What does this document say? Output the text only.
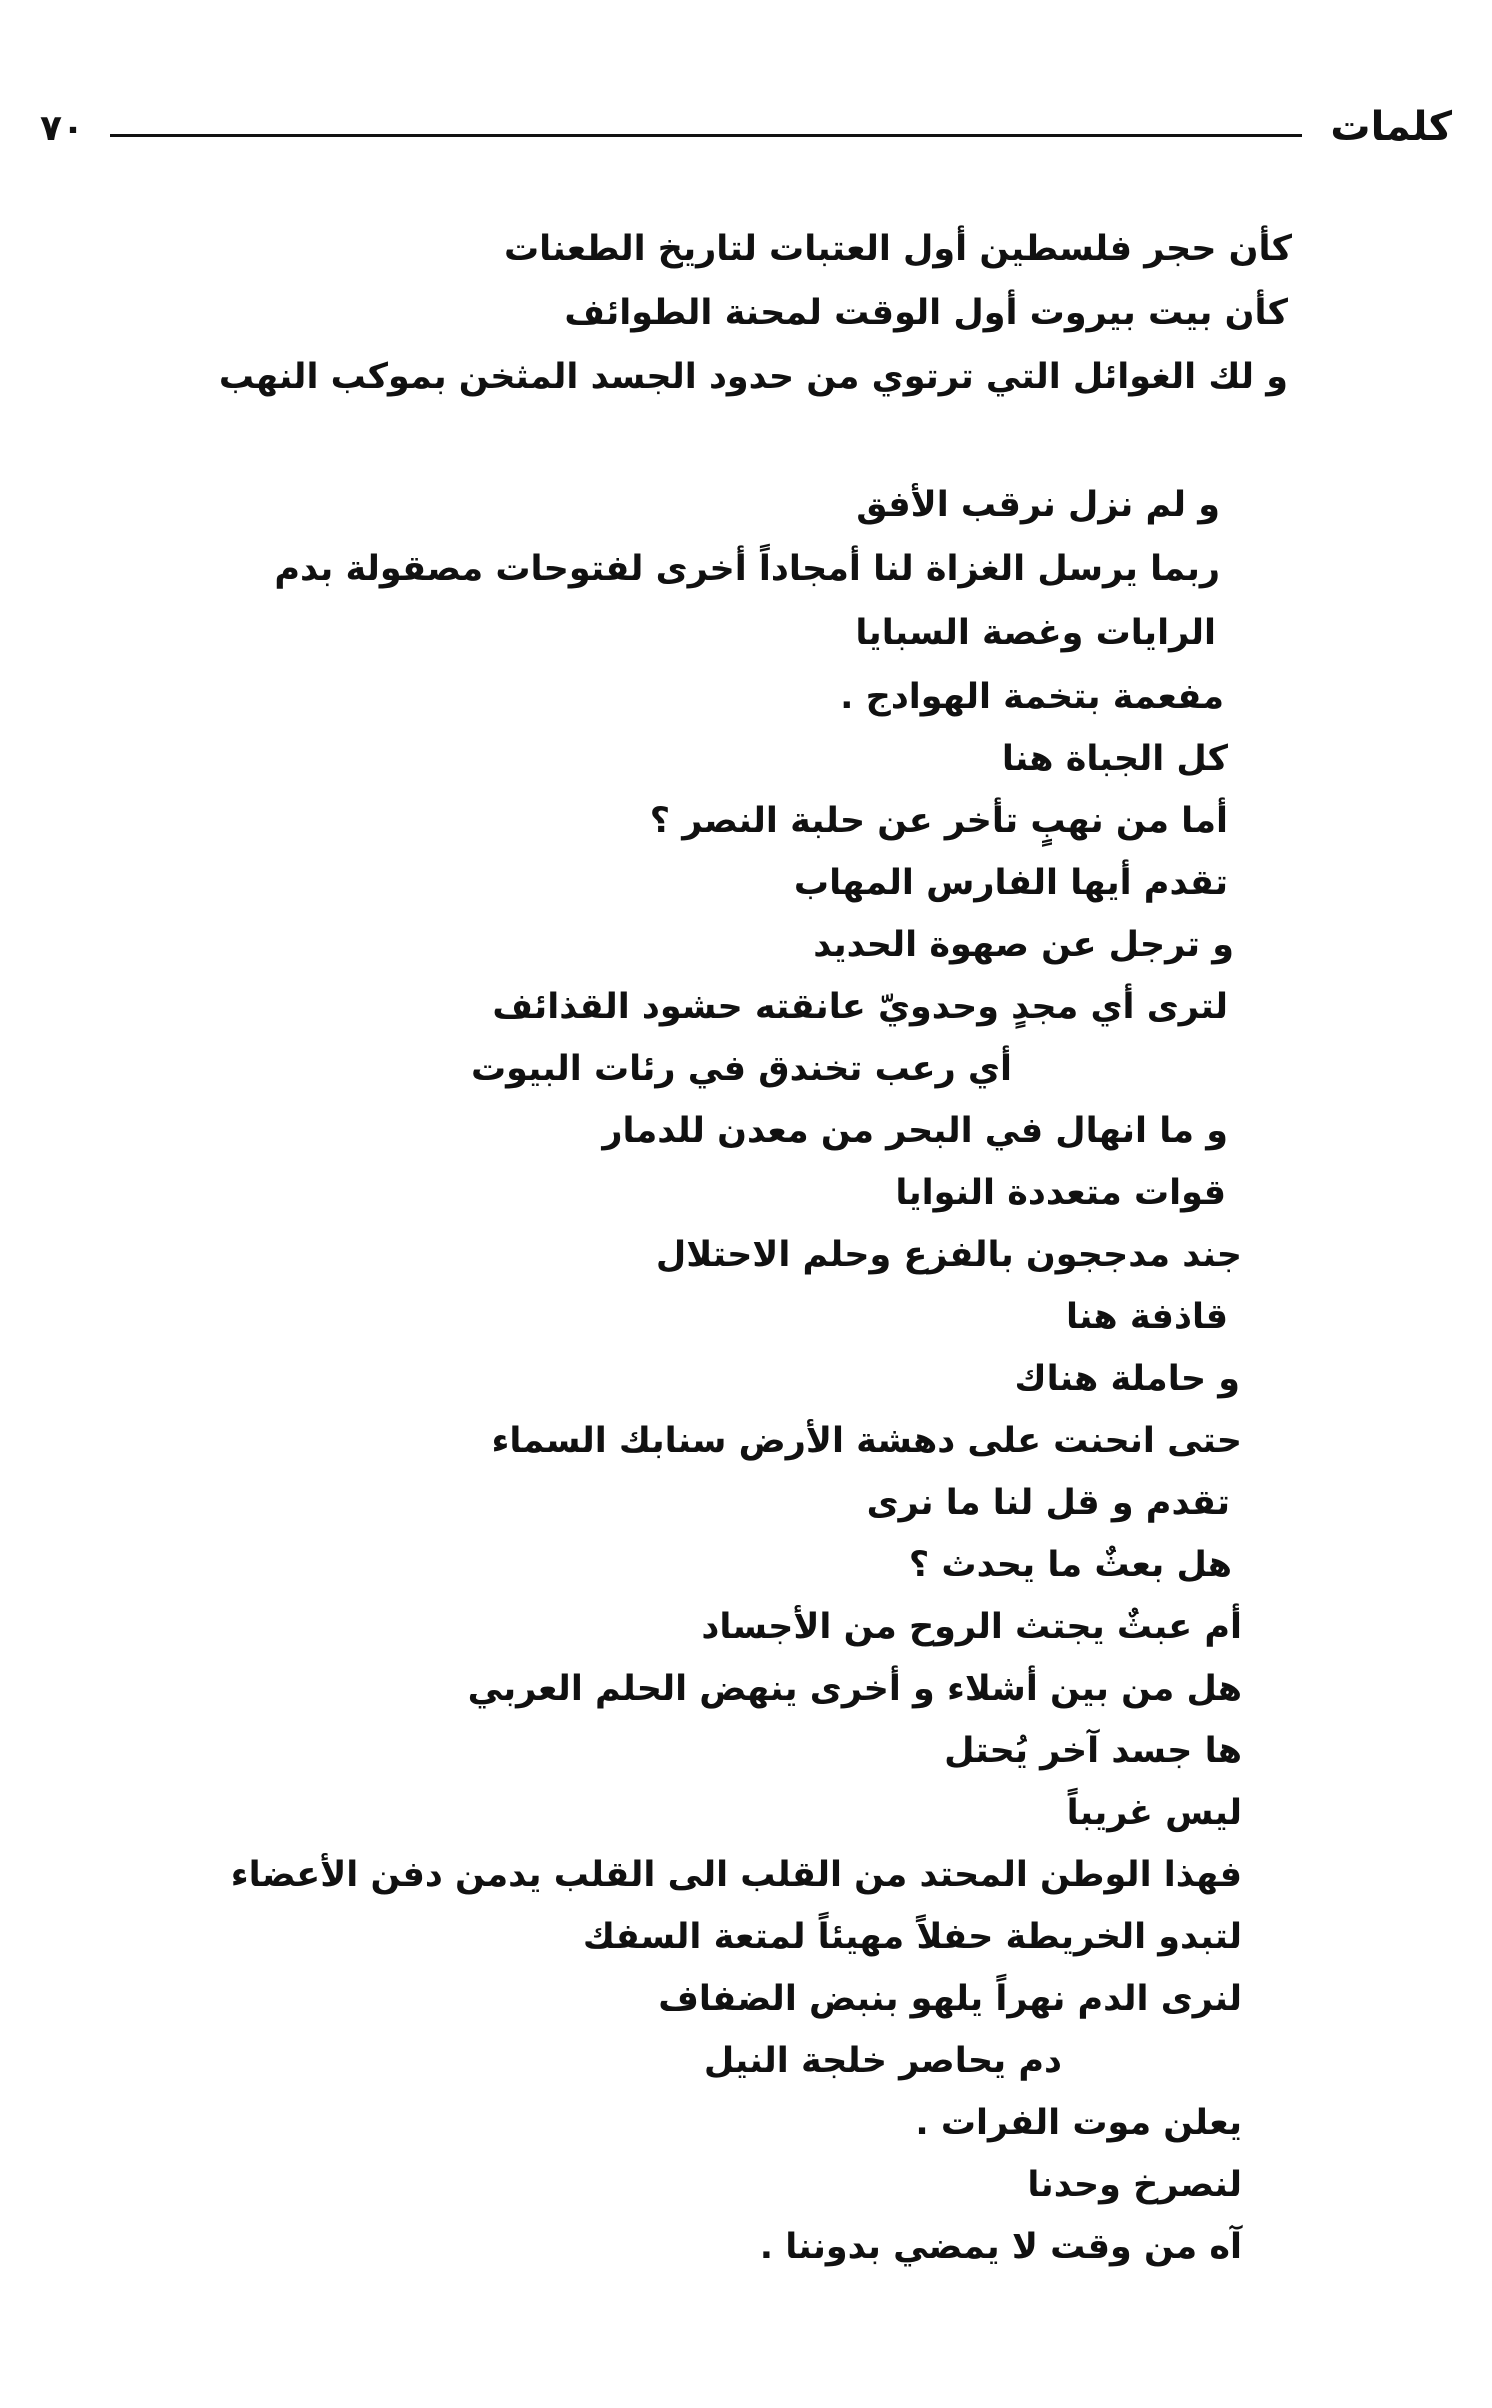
٧٠	كلمات
كأن حجر فلسطين أول العتبات لتاريخ الطعنات
كأن بيت بيروت أول الوقت لمحنة الطوائف
و لك الغوائل التي ترتوي من حدود الجسد المثخن بموكب النهب
و لم نزل نرقب الأفق
ربما يرسل الغزاة لنا أمجاداً أخرى لفتوحات مصقولة بدم
الرايات وغصة السبايا
مفعمة بتخمة الهوادج .
كل الجباة هنا
أما من نهبٍ تأخر عن حلبة النصر ؟
تقدم أيها الفارس المهاب
و ترجل عن صهوة الحديد
لترى أي مجدٍ وحدويّ عانقته حشود القذائف
أي رعب تخندق في رئات البيوت
و ما انهال في البحر من معدن للدمار
قوات متعددة النوايا
جند مدججون بالفزع وحلم الاحتلال
قاذفة هنا
و حاملة هناك
حتى انحنت على دهشة الأرض سنابك السماء
تقدم و قل لنا ما نرى
هل بعثٌ ما يحدث ؟
أم عبثٌ يجتث الروح من الأجساد
هل من بين أشلاء و أخرى ينهض الحلم العربي
ها جسد آخر يُحتل
ليس غريباً
فهذا الوطن المحتد من القلب الى القلب يدمن دفن الأعضاء
لتبدو الخريطة حفلاً مهيئاً لمتعة السفك
لنرى الدم نهراً يلهو بنبض الضفاف
دم يحاصر خلجة النيل
يعلن موت الفرات .
لنصرخ وحدنا
آه من وقت لا يمضي بدوننا .
